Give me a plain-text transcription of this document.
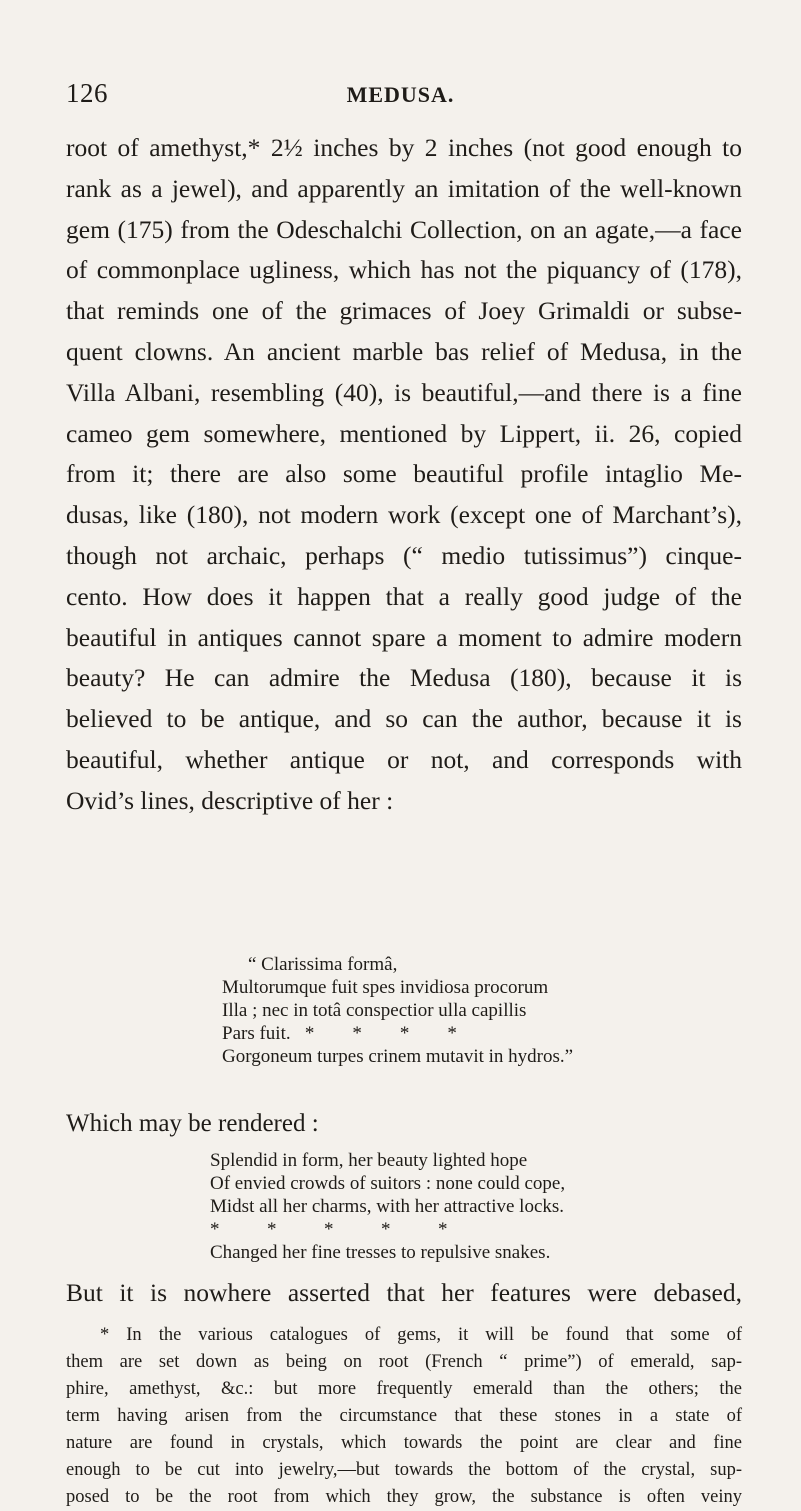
126	MEDUSA.
root of amethyst,* 2½ inches by 2 inches (not good enough to
rank as a jewel), and apparently an imitation of the well-known
gem (175) from the Odeschalchi Collection, on an agate,—a face
of commonplace ugliness, which has not the piquancy of (178),
that reminds one of the grimaces of Joey Grimaldi or subse-
quent clowns. An ancient marble bas relief of Medusa, in the
Villa Albani, resembling (40), is beautiful,—and there is a fine
cameo gem somewhere, mentioned by Lippert, ii. 26, copied
from it; there are also some beautiful profile intaglio Me-
dusas, like (180), not modern work (except one of Marchant’s),
though not archaic, perhaps (“ medio tutissimus”) cinque-
cento. How does it happen that a really good judge of the
beautiful in antiques cannot spare a moment to admire modern
beauty? He can admire the Medusa (180), because it is
believed to be antique, and so can the author, because it is
beautiful, whether antique or not, and corresponds with
Ovid’s lines, descriptive of her :
“ Clarissima formâ,
Multorumque fuit spes invidiosa procorum
Illa ; nec in totâ conspectior ulla capillis
Pars fuit.   *        *        *        *
Gorgoneum turpes crinem mutavit in hydros.”
Which may be rendered :
Splendid in form, her beauty lighted hope
Of envied crowds of suitors : none could cope,
Midst all her charms, with her attractive locks.
*          *          *          *          *
Changed her fine tresses to repulsive snakes.
But it is nowhere asserted that her features were debased,
* In the various catalogues of gems, it will be found that some of
them are set down as being on root (French “ prime”) of emerald, sap-
phire, amethyst, &c.: but more frequently emerald than the others; the
term having arisen from the circumstance that these stones in a state of
nature are found in crystals, which towards the point are clear and fine
enough to be cut into jewelry,—but towards the bottom of the crystal, sup-
posed to be the root from which they grow, the substance is often veiny
